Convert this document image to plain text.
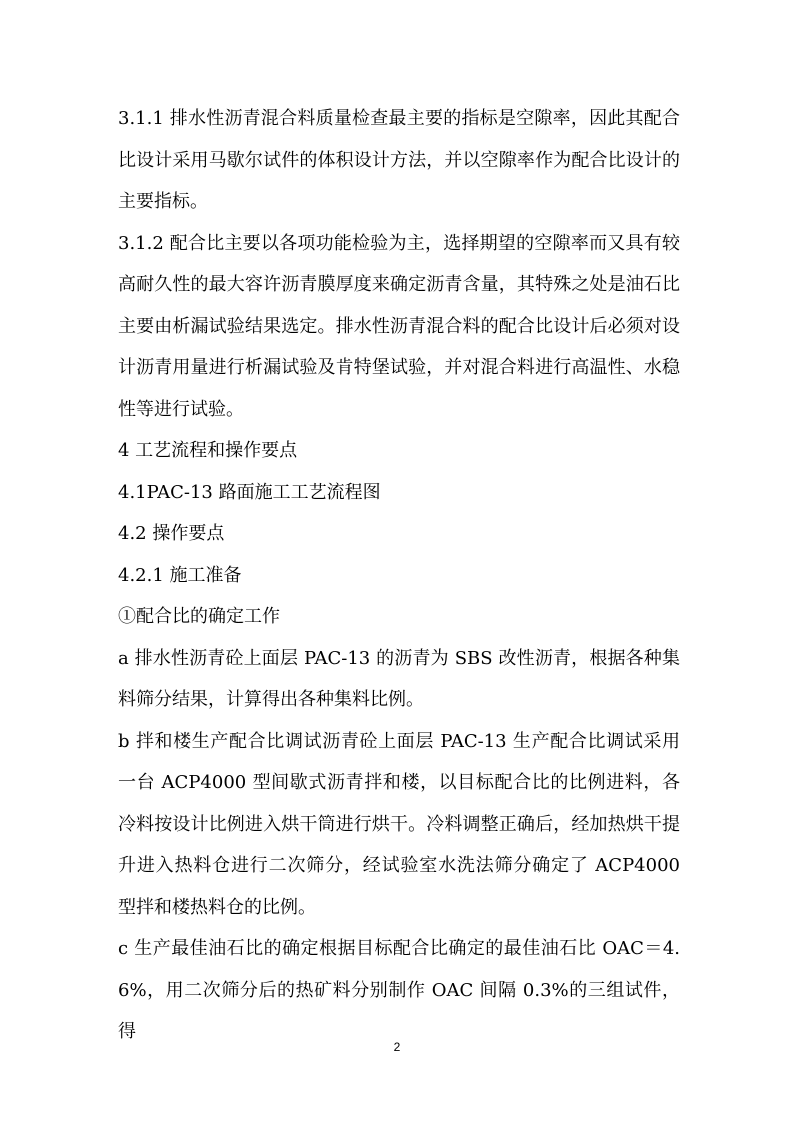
3.1.1 排水性沥青混合料质量检查最主要的指标是空隙率，因此其配合比设计采用马歇尔试件的体积设计方法，并以空隙率作为配合比设计的主要指标。

3.1.2 配合比主要以各项功能检验为主，选择期望的空隙率而又具有较高耐久性的最大容许沥青膜厚度来确定沥青含量，其特殊之处是油石比主要由析漏试验结果选定。排水性沥青混合料的配合比设计后必须对设计沥青用量进行析漏试验及肯特堡试验，并对混合料进行高温性、水稳性等进行试验。

4 工艺流程和操作要点

4.1PAC-13 路面施工工艺流程图

4.2 操作要点

4.2.1 施工准备

①配合比的确定工作

a 排水性沥青砼上面层 PAC-13 的沥青为 SBS 改性沥青，根据各种集料筛分结果，计算得出各种集料比例。

b 拌和楼生产配合比调试沥青砼上面层 PAC-13 生产配合比调试采用一台 ACP4000 型间歇式沥青拌和楼，以目标配合比的比例进料，各冷料按设计比例进入烘干筒进行烘干。冷料调整正确后，经加热烘干提升进入热料仓进行二次筛分，经试验室水洗法筛分确定了 ACP4000 型拌和楼热料仓的比例。

c 生产最佳油石比的确定根据目标配合比确定的最佳油石比 OAC＝4.6%，用二次筛分后的热矿料分别制作 OAC 间隔 0.3%的三组试件，得

2
